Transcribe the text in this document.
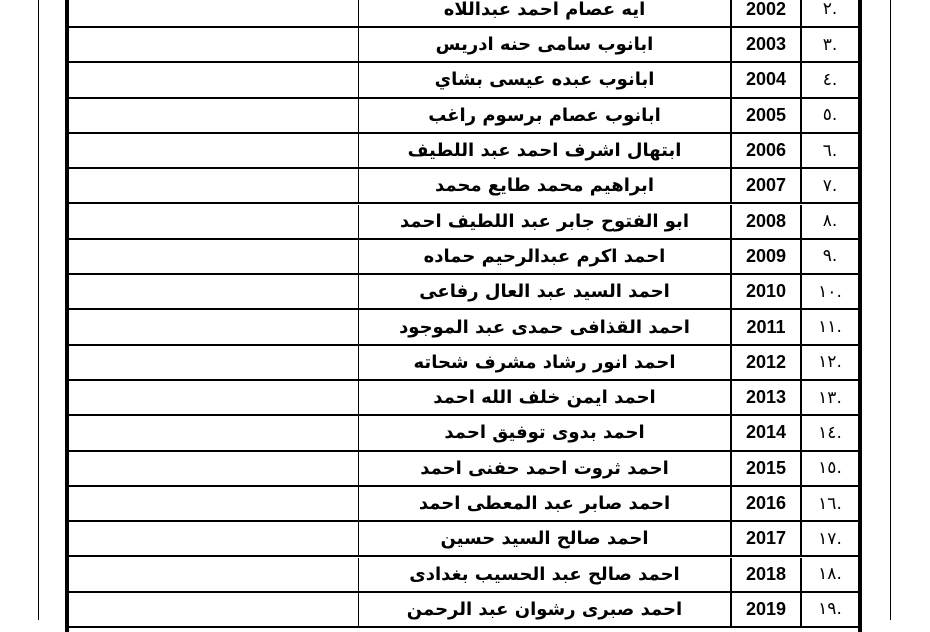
ايه عصام احمد عبداللاه	2002	.٢
ابانوب سامى حنه ادريس	2003	.٣
ابانوب عبده عيسى بشاي	2004	.٤
ابانوب عصام برسوم راغب	2005	.٥
ابتهال اشرف احمد عبد اللطيف	2006	.٦
ابراهيم محمد طايع محمد	2007	.٧
ابو الفتوح جابر عبد اللطيف احمد	2008	.٨
احمد اكرم عبدالرحيم حماده	2009	.٩
احمد السيد عبد العال رفاعى	2010	.١٠
احمد القذافى حمدى عبد الموجود	2011	.١١
احمد انور رشاد مشرف شحاته	2012	.١٢
احمد ايمن خلف الله احمد	2013	.١٣
احمد بدوى توفيق احمد	2014	.١٤
احمد ثروت احمد حفنى احمد	2015	.١٥
احمد صابر عبد المعطى احمد	2016	.١٦
احمد صالح السيد حسين	2017	.١٧
احمد صالح عبد الحسيب بغدادى	2018	.١٨
احمد صبرى رشوان عبد الرحمن	2019	.١٩
